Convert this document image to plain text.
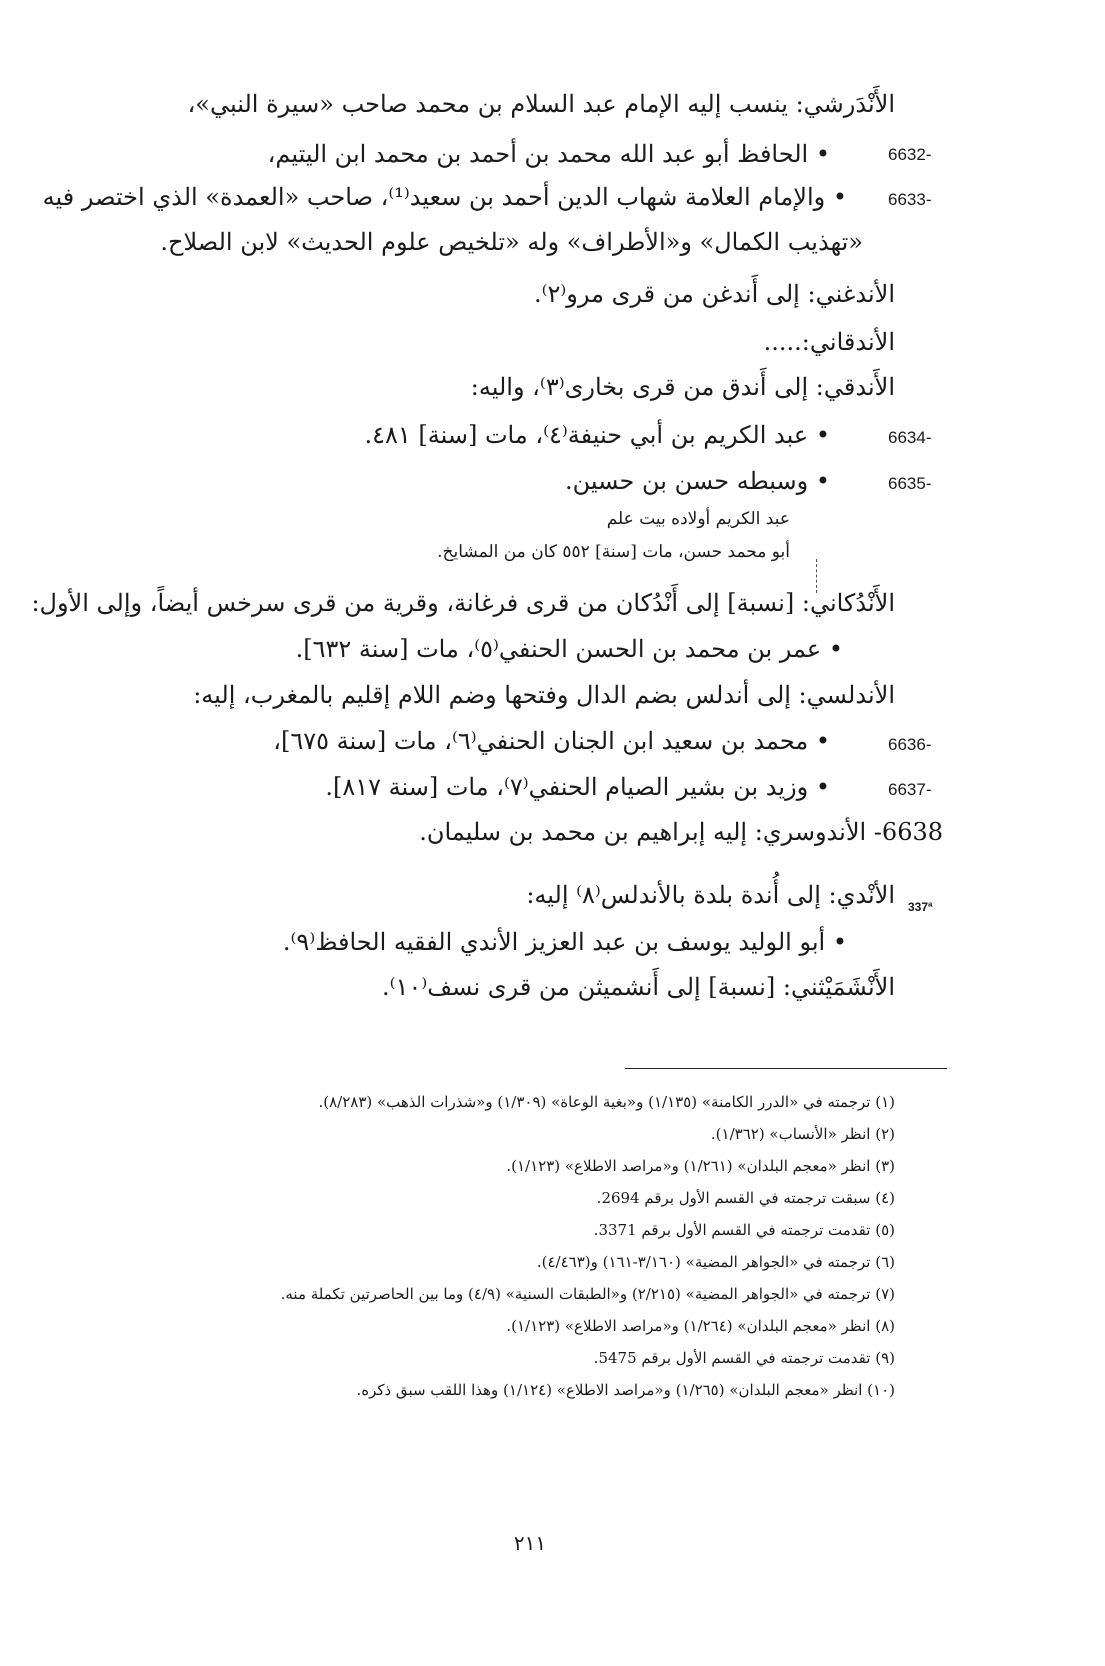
الأَنْدَرشي: ينسب إليه الإمام عبد السلام بن محمد صاحب «سيرة النبي»،
6632-
• الحافظ أبو عبد الله محمد بن أحمد بن محمد ابن اليتيم،
6633-
• والإمام العلامة شهاب الدين أحمد بن سعيد⁽¹⁾، صاحب «العمدة» الذي اختصر فيه
«تهذيب الكمال» و«الأطراف» وله «تلخيص علوم الحديث» لابن الصلاح.
الأندغني: إلى أَندغن من قرى مرو⁽٢⁾.
الأندقاني:.....
الأَندقي: إلى أَندق من قرى بخارى⁽٣⁾، واليه:
6634-
• عبد الكريم بن أبي حنيفة⁽٤⁾، مات [سنة] ٤٨١.
6635-
• وسبطه حسن بن حسين.
عبد الكريم أولاده بيت علم
أبو محمد حسن، مات [سنة] ٥٥٢ كان من المشايخ.
الأَنْدُكاني: [نسبة] إلى أَنْدُكان من قرى فرغانة، وقرية من قرى سرخس أيضاً، وإلى الأول:
• عمر بن محمد بن الحسن الحنفي⁽٥⁾، مات [سنة ٦٣٢].
الأندلسي: إلى أندلس بضم الدال وفتحها وضم اللام إقليم بالمغرب، إليه:
6636-
• محمد بن سعيد ابن الجنان الحنفي⁽٦⁾، مات [سنة ٦٧٥]،
6637-
• وزيد بن بشير الصيام الحنفي⁽٧⁾، مات [سنة ٨١٧].
6638- الأندوسري: إليه إبراهيم بن محمد بن سليمان.
337ª
الأنْدي: إلى أُندة بلدة بالأندلس⁽٨⁾ إليه:
• أبو الوليد يوسف بن عبد العزيز الأندي الفقيه الحافظ⁽٩⁾.
الأَنْشَمَيْثني: [نسبة] إلى أَنشميثن من قرى نسف⁽١٠⁾.
(١) ترجمته في «الدرر الكامنة» (١/١٣٥) و«بغية الوعاة» (١/٣٠٩) و«شذرات الذهب» (٨/٢٨٣).
(٢) انظر «الأنساب» (١/٣٦٢).
(٣) انظر «معجم البلدان» (١/٢٦١) و«مراصد الاطلاع» (١/١٢٣).
(٤) سبقت ترجمته في القسم الأول برقم 2694.
(٥) تقدمت ترجمته في القسم الأول برقم 3371.
(٦) ترجمته في «الجواهر المضية» (٣/١٦٠-١٦١) و(٤/٤٦٣).
(٧) ترجمته في «الجواهر المضية» (٢/٢١٥) و«الطبقات السنية» (٤/٩) وما بين الحاصرتين تكملة منه.
(٨) انظر «معجم البلدان» (١/٢٦٤) و«مراصد الاطلاع» (١/١٢٣).
(٩) تقدمت ترجمته في القسم الأول برقم 5475.
(١٠) انظر «معجم البلدان» (١/٢٦٥) و«مراصد الاطلاع» (١/١٢٤) وهذا اللقب سبق ذكره.
٢١١
